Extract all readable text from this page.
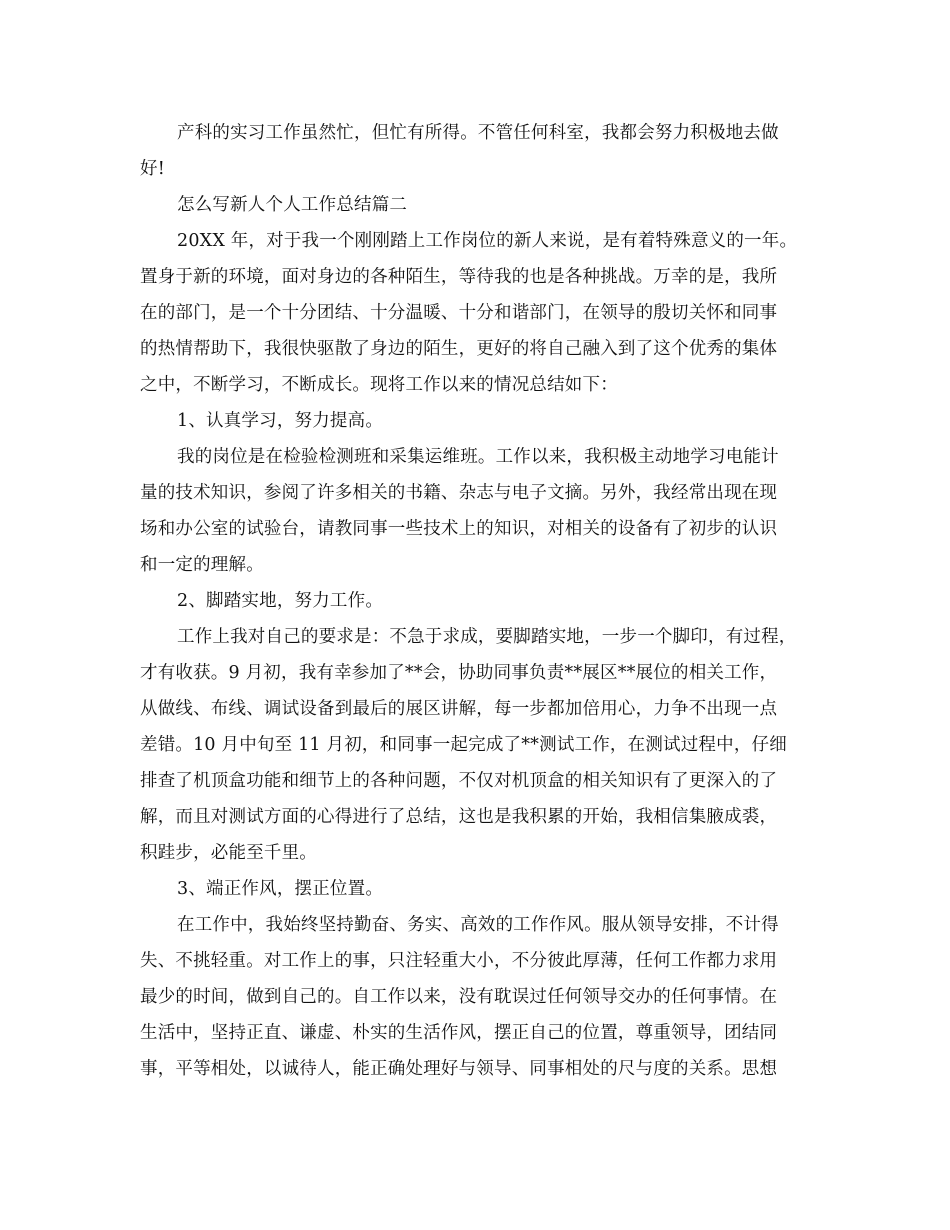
产科的实习工作虽然忙，但忙有所得。不管任何科室，我都会努力积极地去做
好!
怎么写新人个人工作总结篇二
20XX 年，对于我一个刚刚踏上工作岗位的新人来说，是有着特殊意义的一年。
置身于新的环境，面对身边的各种陌生，等待我的也是各种挑战。万幸的是，我所
在的部门，是一个十分团结、十分温暖、十分和谐部门，在领导的殷切关怀和同事
的热情帮助下，我很快驱散了身边的陌生，更好的将自己融入到了这个优秀的集体
之中，不断学习，不断成长。现将工作以来的情况总结如下：
1、认真学习，努力提高。
我的岗位是在检验检测班和采集运维班。工作以来，我积极主动地学习电能计
量的技术知识，参阅了许多相关的书籍、杂志与电子文摘。另外，我经常出现在现
场和办公室的试验台，请教同事一些技术上的知识，对相关的设备有了初步的认识
和一定的理解。
2、脚踏实地，努力工作。
工作上我对自己的要求是：不急于求成，要脚踏实地，一步一个脚印，有过程，
才有收获。9 月初，我有幸参加了**会，协助同事负责**展区**展位的相关工作，
从做线、布线、调试设备到最后的展区讲解，每一步都加倍用心，力争不出现一点
差错。10 月中旬至 11 月初，和同事一起完成了**测试工作，在测试过程中，仔细
排查了机顶盒功能和细节上的各种问题，不仅对机顶盒的相关知识有了更深入的了
解，而且对测试方面的心得进行了总结，这也是我积累的开始，我相信集腋成裘，
积跬步，必能至千里。
3、端正作风，摆正位置。
在工作中，我始终坚持勤奋、务实、高效的工作作风。服从领导安排，不计得
失、不挑轻重。对工作上的事，只注轻重大小，不分彼此厚薄，任何工作都力求用
最少的时间，做到自己的。自工作以来，没有耽误过任何领导交办的任何事情。在
生活中，坚持正直、谦虚、朴实的生活作风，摆正自己的位置，尊重领导，团结同
事，平等相处，以诚待人，能正确处理好与领导、同事相处的尺与度的关系。思想
